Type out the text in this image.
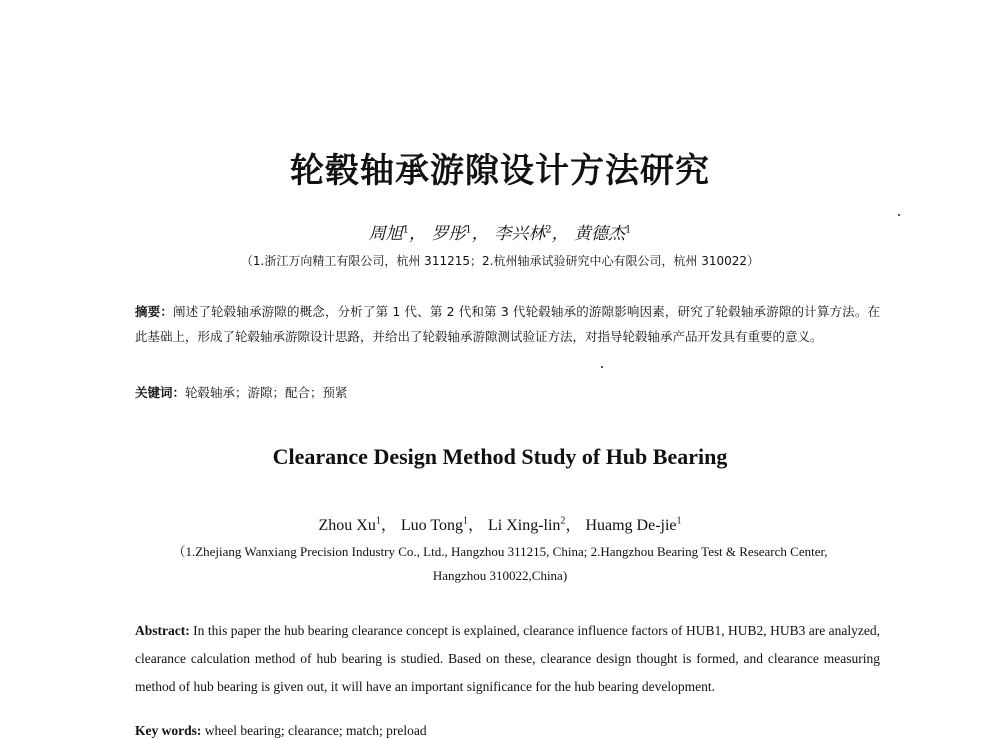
轮毂轴承游隙设计方法研究
周旭$^1$， 罗彤$^1$， 李兴林$^2$， 黄德杰$^1$
（1.浙江万向精工有限公司，杭州 311215；2.杭州轴承试验研究中心有限公司，杭州 310022）
摘要：阐述了轮毂轴承游隙的概念，分析了第 1 代、第 2 代和第 3 代轮毂轴承的游隙影响因素，研究了轮毂轴承游隙的计算方法。在此基础上，形成了轮毂轴承游隙设计思路，并给出了轮毂轴承游隙测试验证方法，对指导轮毂轴承产品开发具有重要的意义。
关键词：轮毂轴承；游隙；配合；预紧
Clearance Design Method Study of Hub Bearing
Zhou Xu$^1$， Luo Tong$^1$， Li Xing-lin$^2$， Huamg De-jie$^1$
（1.Zhejiang Wanxiang Precision Industry Co., Ltd., Hangzhou 311215, China; 2.Hangzhou Bearing Test & Research Center,
Hangzhou 310022,China)
Abstract: In this paper the hub bearing clearance concept is explained, clearance influence factors of HUB1, HUB2, HUB3 are analyzed, clearance calculation method of hub bearing is studied. Based on these, clearance design thought is formed, and clearance measuring method of hub bearing is given out, it will have an important significance for the hub bearing development.
Key words: wheel bearing; clearance; match; preload
